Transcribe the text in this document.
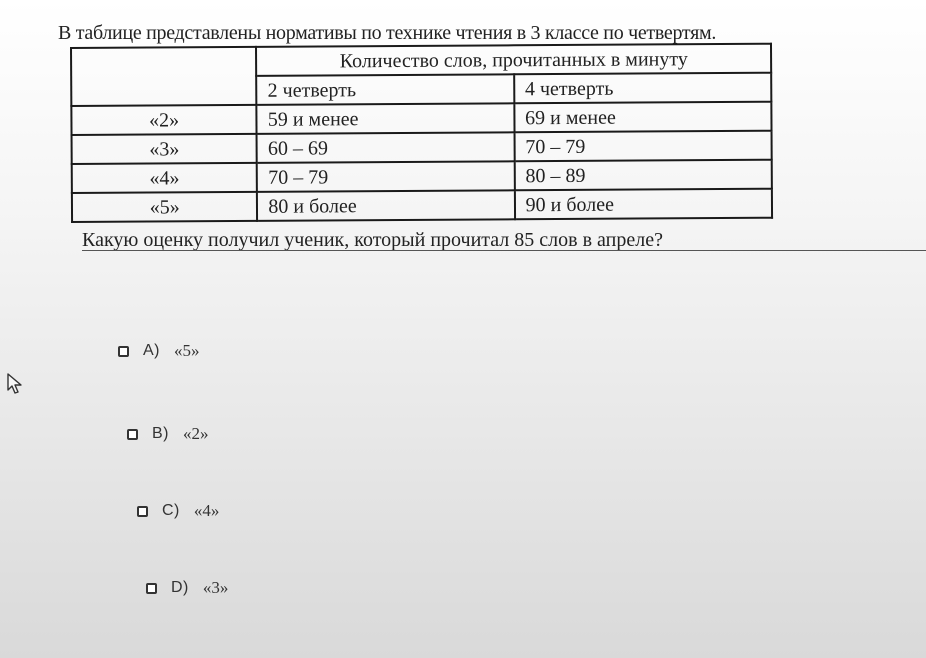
В таблице представлены нормативы по технике чтения в 3 классе по четвертям.
	Количество слов, прочитанных в минуту	
	2 четверть	4 четверть
«2»	59 и менее	69 и менее
«3»	60 – 69	70 – 79
«4»	70 – 79	80 – 89
«5»	80 и более	90 и более
Какую оценку получил ученик, который прочитал 85 слов в апреле?
A) «5»
B) «2»
C) «4»
D) «3»
